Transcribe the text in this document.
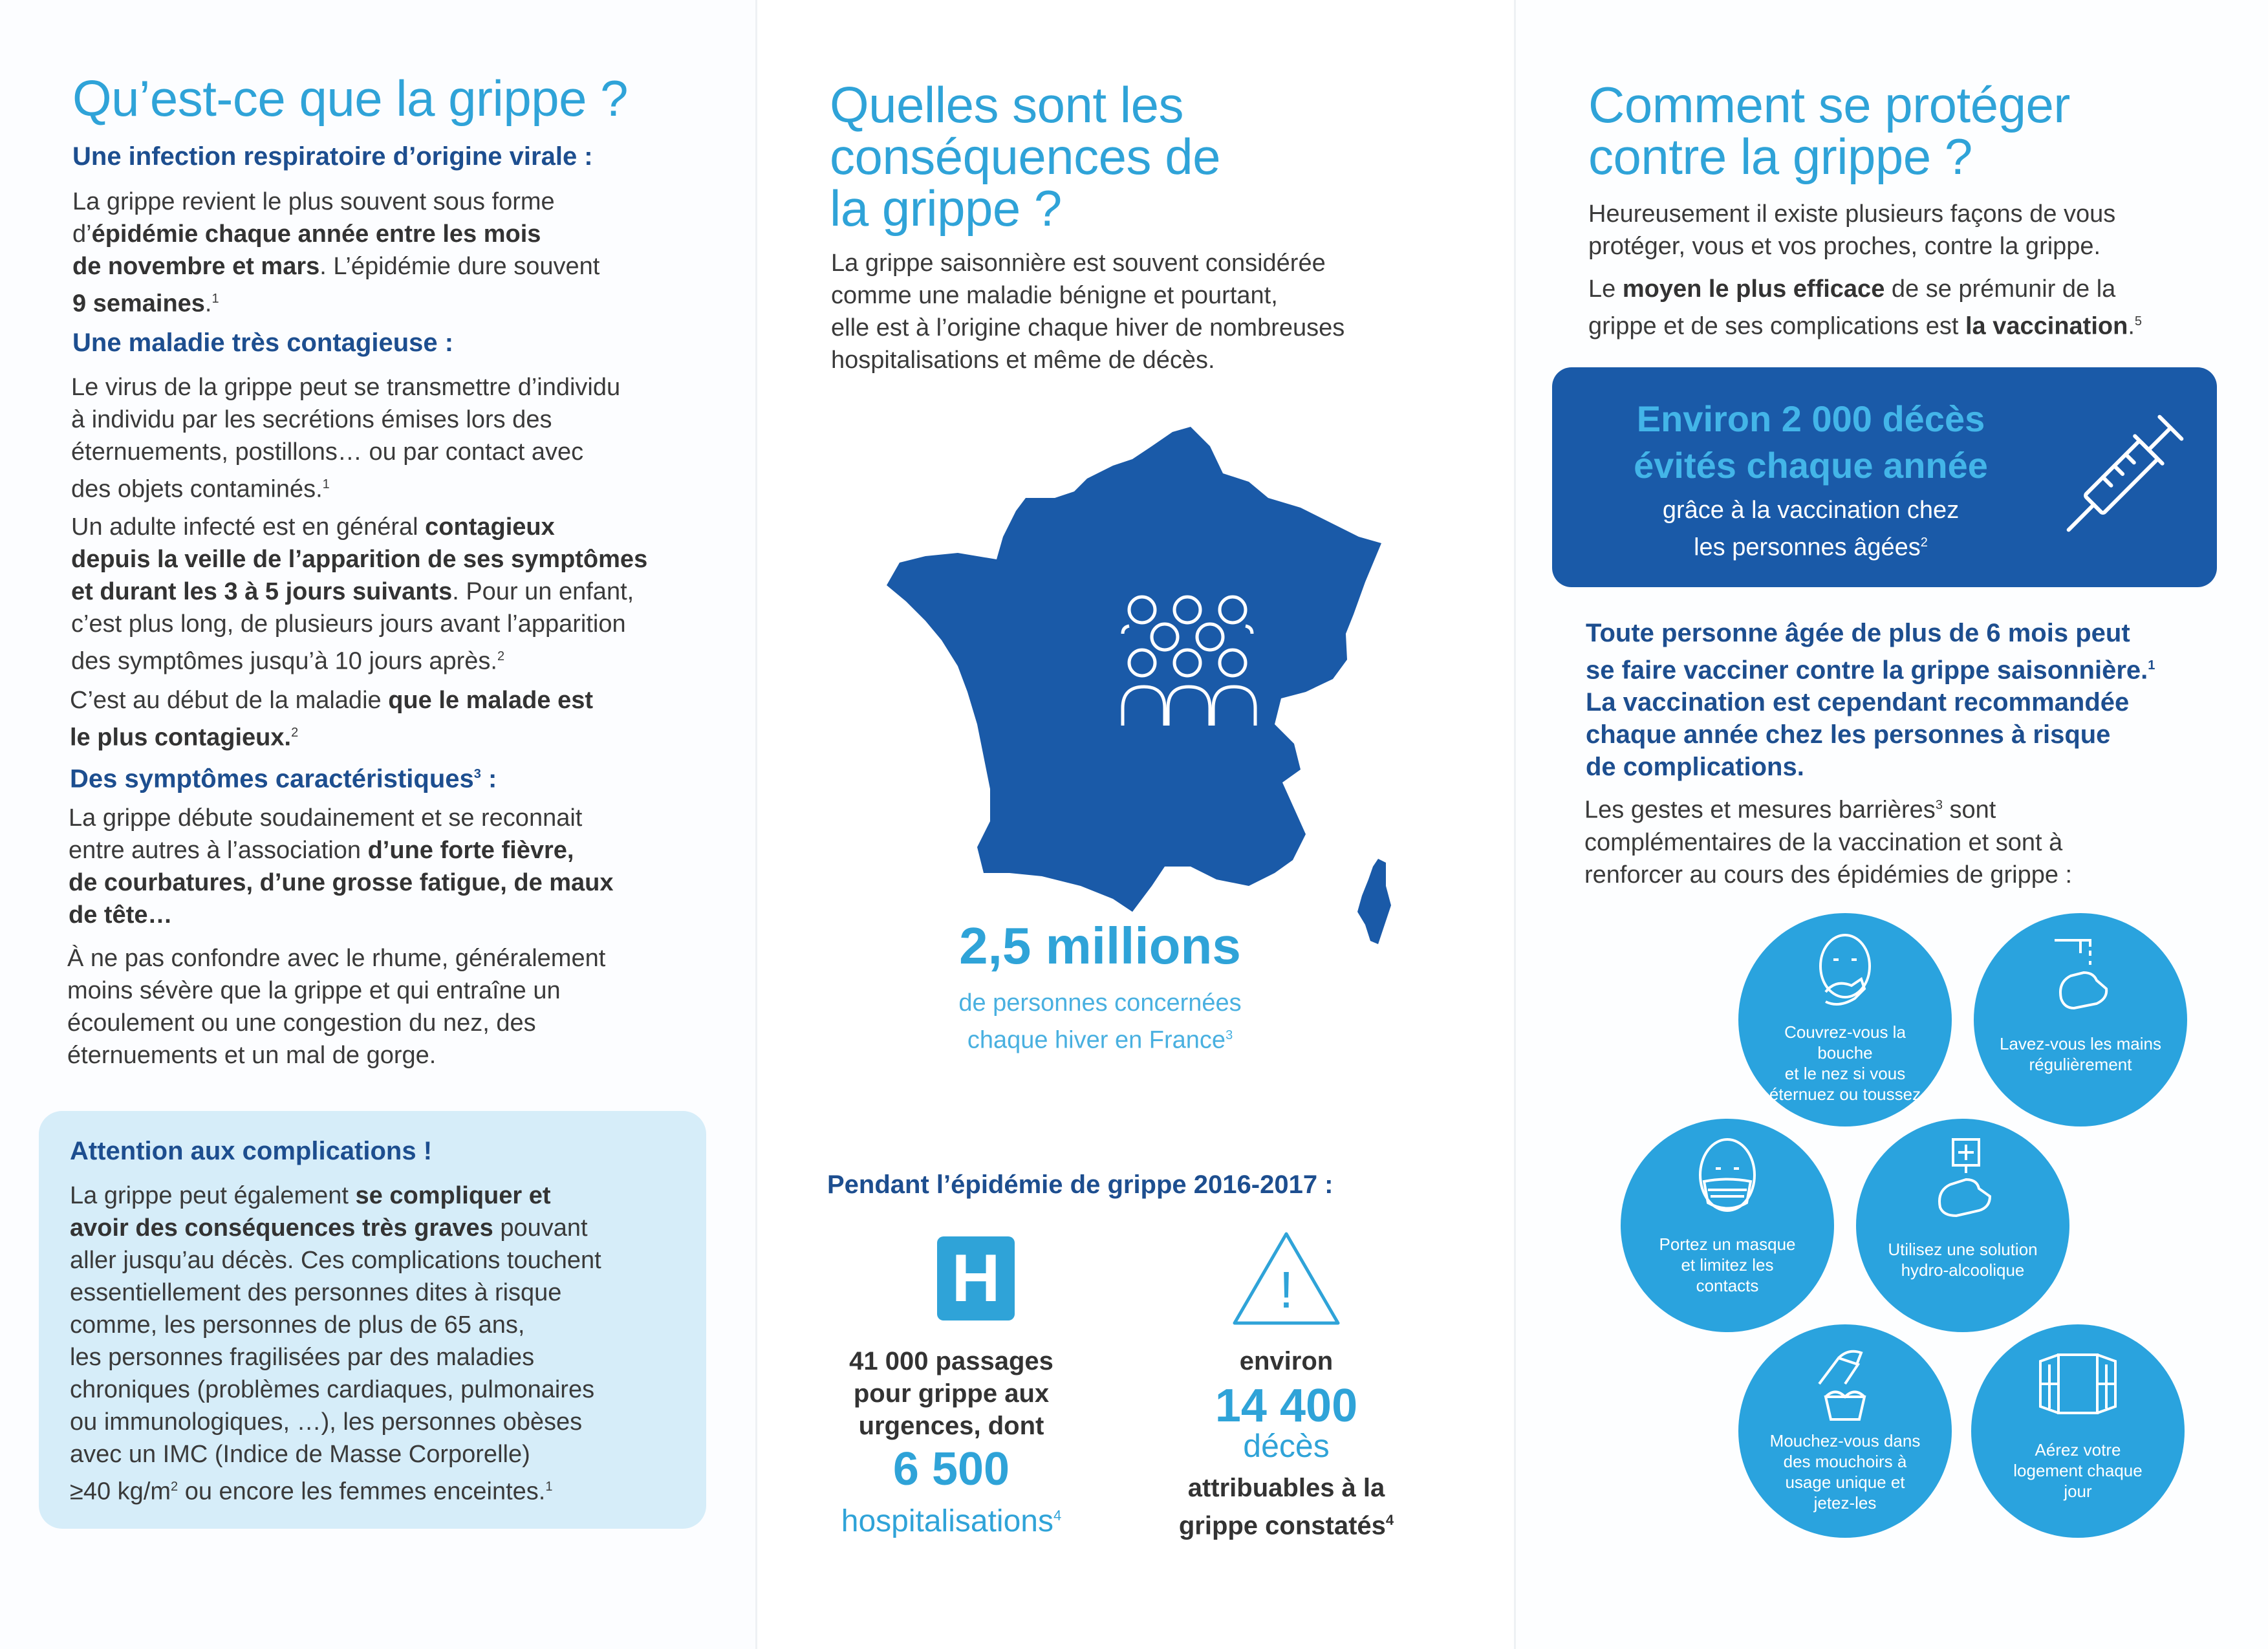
Qu’est-ce que la grippe ?

Une infection respiratoire d’origine virale :

La grippe revient le plus souvent sous forme
d’épidémie chaque année entre les mois
de novembre et mars. L’épidémie dure souvent
9 semaines.$^1$

Une maladie très contagieuse :

Le virus de la grippe peut se transmettre d’individu
à individu par les secrétions émises lors des
éternuements, postillons… ou par contact avec
des objets contaminés.$^1$

Un adulte infecté est en général contagieux
depuis la veille de l’apparition de ses symptômes
et durant les 3 à 5 jours suivants. Pour un enfant,
c’est plus long, de plusieurs jours avant l’apparition
des symptômes jusqu’à 10 jours après.$^2$

C’est au début de la maladie que le malade est
le plus contagieux.$^2$

Des symptômes caractéristiques$^3$ :

La grippe débute soudainement et se reconnait
entre autres à l’association d’une forte fièvre,
de courbatures, d’une grosse fatigue, de maux
de tête…

À ne pas confondre avec le rhume, généralement
moins sévère que la grippe et qui entraîne un
écoulement ou une congestion du nez, des
éternuements et un mal de gorge.

Attention aux complications !

La grippe peut également se compliquer et
avoir des conséquences très graves pouvant
aller jusqu’au décès. Ces complications touchent
essentiellement des personnes dites à risque
comme, les personnes de plus de 65 ans,
les personnes fragilisées par des maladies
chroniques (problèmes cardiaques, pulmonaires
ou immunologiques, …), les personnes obèses
avec un IMC (Indice de Masse Corporelle)
≥40 $kg/m^2$ ou encore les femmes enceintes.$^1$

Quelles sont les
conséquences de
la grippe ?

La grippe saisonnière est souvent considérée
comme une maladie bénigne et pourtant,
elle est à l’origine chaque hiver de nombreuses
hospitalisations et même de décès.

2,5 millions
de personnes concernées
chaque hiver en France$^3$

Pendant l’épidémie de grippe 2016-2017 :

H	!
41 000 passages
pour grippe aux
urgences, dont
6 500
hospitalisations$^4$
environ
14 400
décès
attribuables à la
grippe constatés$^4$
Comment se protéger
contre la grippe ?

Heureusement il existe plusieurs façons de vous
protéger, vous et vos proches, contre la grippe.

Le moyen le plus efficace de se prémunir de la
grippe et de ses complications est la vaccination.$^5$

Environ 2 000 décès
évités chaque année
grâce à la vaccination chez
les personnes âgées$^2$

Toute personne âgée de plus de 6 mois peut
se faire vacciner contre la grippe saisonnière.$^1$
La vaccination est cependant recommandée
chaque année chez les personnes à risque
de complications.

Les gestes et mesures barrières$^3$ sont
complémentaires de la vaccination et sont à
renforcer au cours des épidémies de grippe :

Couvrez-vous la bouche
et le nez si vous
éternuez ou toussez
Lavez-vous les mains
régulièrement
Portez un masque
et limitez les
contacts
Utilisez une solution
hydro-alcoolique
Mouchez-vous dans
des mouchoirs à
usage unique et
jetez-les
Aérez votre
logement chaque
jour
